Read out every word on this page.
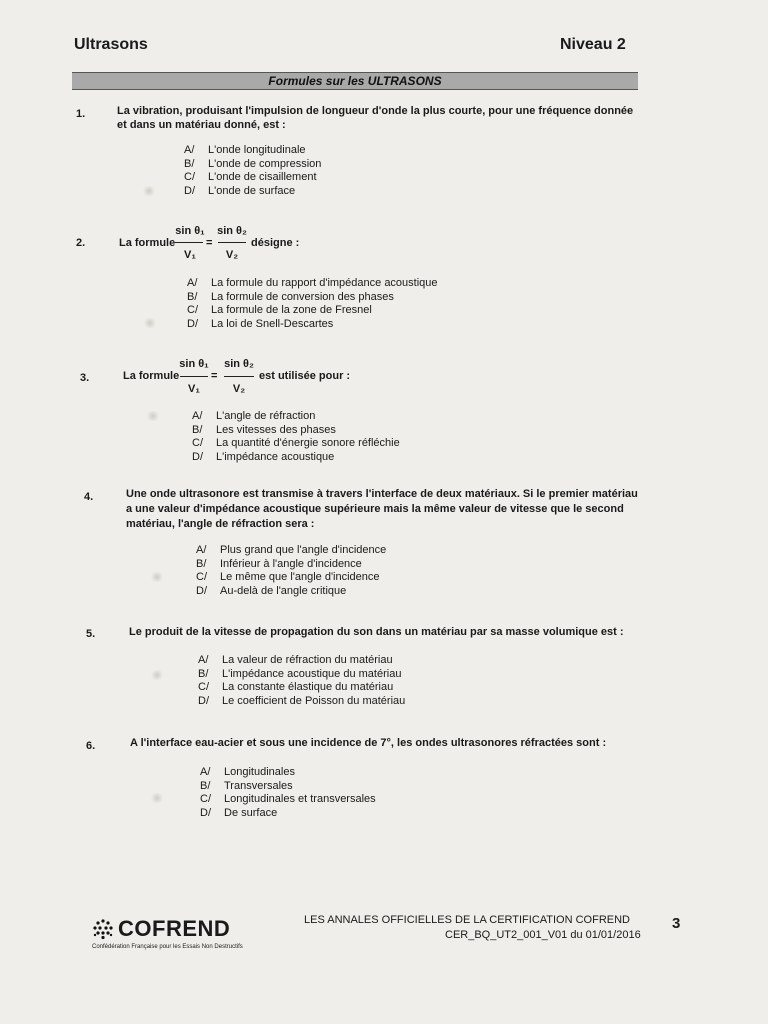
Ultrasons	Niveau 2
Formules sur les ULTRASONS
1.	La vibration, produisant l'impulsion de longueur d'onde la plus courte, pour une fréquence donnée
et dans un matériau donné, est :
A/ L'onde longitudinale
B/ L'onde de compression
C/ L'onde de cisaillement
D/ L'onde de surface
2.	La formule
sin θ₁
V₁
=
sin θ₂
V₂
désigne :
A/ La formule du rapport d'impédance acoustique
B/ La formule de conversion des phases
C/ La formule de la zone de Fresnel
D/ La loi de Snell-Descartes
3.	La formule
sin θ₁
V₁
=
sin θ₂
V₂
est utilisée pour :
A/ L'angle de réfraction
B/ Les vitesses des phases
C/ La quantité d'énergie sonore réfléchie
D/ L'impédance acoustique
4.	Une onde ultrasonore est transmise à travers l'interface de deux matériaux. Si le premier matériau
a une valeur d'impédance acoustique supérieure mais la même valeur de vitesse que le second
matériau, l'angle de réfraction sera :
A/ Plus grand que l'angle d'incidence
B/ Inférieur à l'angle d'incidence
C/ Le même que l'angle d'incidence
D/ Au-delà de l'angle critique
5.	Le produit de la vitesse de propagation du son dans un matériau par sa masse volumique est :
A/ La valeur de réfraction du matériau
B/ L'impédance acoustique du matériau
C/ La constante élastique du matériau
D/ Le coefficient de Poisson du matériau
6.	A l'interface eau-acier et sous une incidence de 7°, les ondes ultrasonores réfractées sont :
A/ Longitudinales
B/ Transversales
C/ Longitudinales et transversales
D/ De surface
COFREND
Confédération Française pour les Essais Non Destructifs
LES ANNALES OFFICIELLES DE LA CERTIFICATION COFREND
CER_BQ_UT2_001_V01 du 01/01/2016
3
